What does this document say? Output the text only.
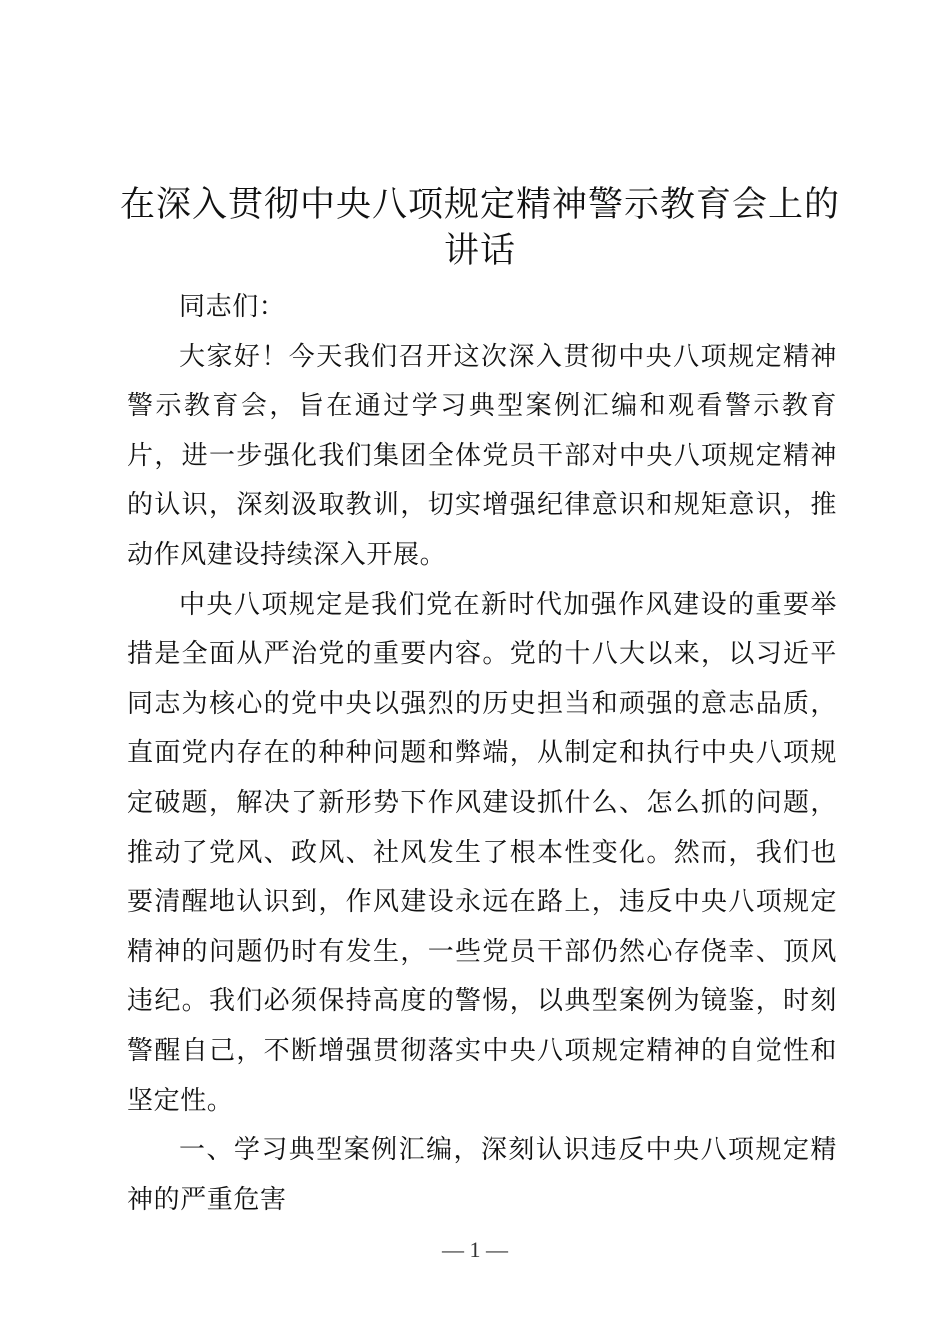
在深入贯彻中央八项规定精神警示教育会上的讲话

同志们：

大家好！今天我们召开这次深入贯彻中央八项规定精神警示教育会，旨在通过学习典型案例汇编和观看警示教育片，进一步强化我们集团全体党员干部对中央八项规定精神的认识，深刻汲取教训，切实增强纪律意识和规矩意识，推动作风建设持续深入开展。

中央八项规定是我们党在新时代加强作风建设的重要举措是全面从严治党的重要内容。党的十八大以来，以习近平同志为核心的党中央以强烈的历史担当和顽强的意志品质，直面党内存在的种种问题和弊端，从制定和执行中央八项规定破题，解决了新形势下作风建设抓什么、怎么抓的问题，推动了党风、政风、社风发生了根本性变化。然而，我们也要清醒地认识到，作风建设永远在路上，违反中央八项规定精神的问题仍时有发生，一些党员干部仍然心存侥幸、顶风违纪。我们必须保持高度的警惕，以典型案例为镜鉴，时刻警醒自己，不断增强贯彻落实中央八项规定精神的自觉性和坚定性。

一、学习典型案例汇编，深刻认识违反中央八项规定精神的严重危害

— 1 —
